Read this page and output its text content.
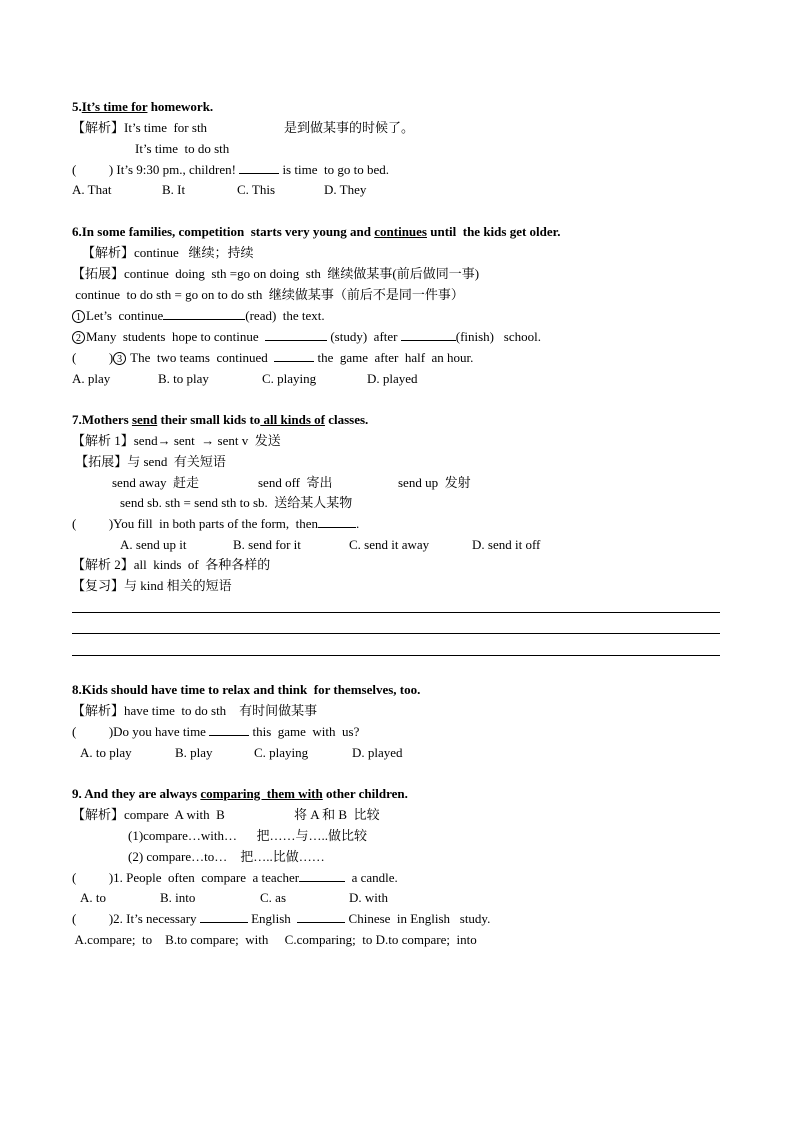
5.It’s time for homework.
【解析】It’s time  for sth	是到做某事的时候了。
It’s time  to do sth
(          ) It’s 9:30 pm., children!	is time  to go to bed.
A. That	B. It	C. This	D. They
6.In some families, competition  starts very young and continues until  the kids get older.
【解析】continue   继续；持续
【拓展】continue  doing  sth =go on doing  sth  继续做某事(前后做同一事)
continue  to do sth = go on to do sth  继续做某事（前后不是同一件事）
1 Let’s  continue	(read)  the text.
2 Many  students  hope to continue	(study)  after	(finish)   school.
(          ) 3 The  two teams  continued	the  game  after  half  an hour.
A. play	B. to play	C. playing	D. played
7.Mothers send their small kids to all kinds of classes.
【解析 1】send→ sent  → sent v  发送
【拓展】与 send  有关短语
send away  赶走	send off  寄出	send up  发射
send sb. sth = send sth to sb.  送给某人某物
(          )You fill  in both parts of the form,  then	.
A. send up it	B. send for it	C. send it away	D. send it off
【解析 2】all  kinds  of  各种各样的
【复习】与 kind 相关的短语
8.Kids should have time to relax and think  for themselves, too.
【解析】have time  to do sth    有时间做某事
(          )Do you have time	this  game  with  us?
A. to play	B. play	C. playing	D. played
9. And they are always comparing  them with other children.
【解析】compare  A with  B	将 A 和 B  比较
(1)compare…with…      把……与…..做比较
(2) compare…to…    把…..比做……
(          )1. People  often  compare  a teacher	a candle.
A. to	B. into	C. as	D. with
(          )2. It’s necessary	English	Chinese  in English   study.
A.compare;  to    B.to compare;  with     C.comparing;  to D.to compare;  into
